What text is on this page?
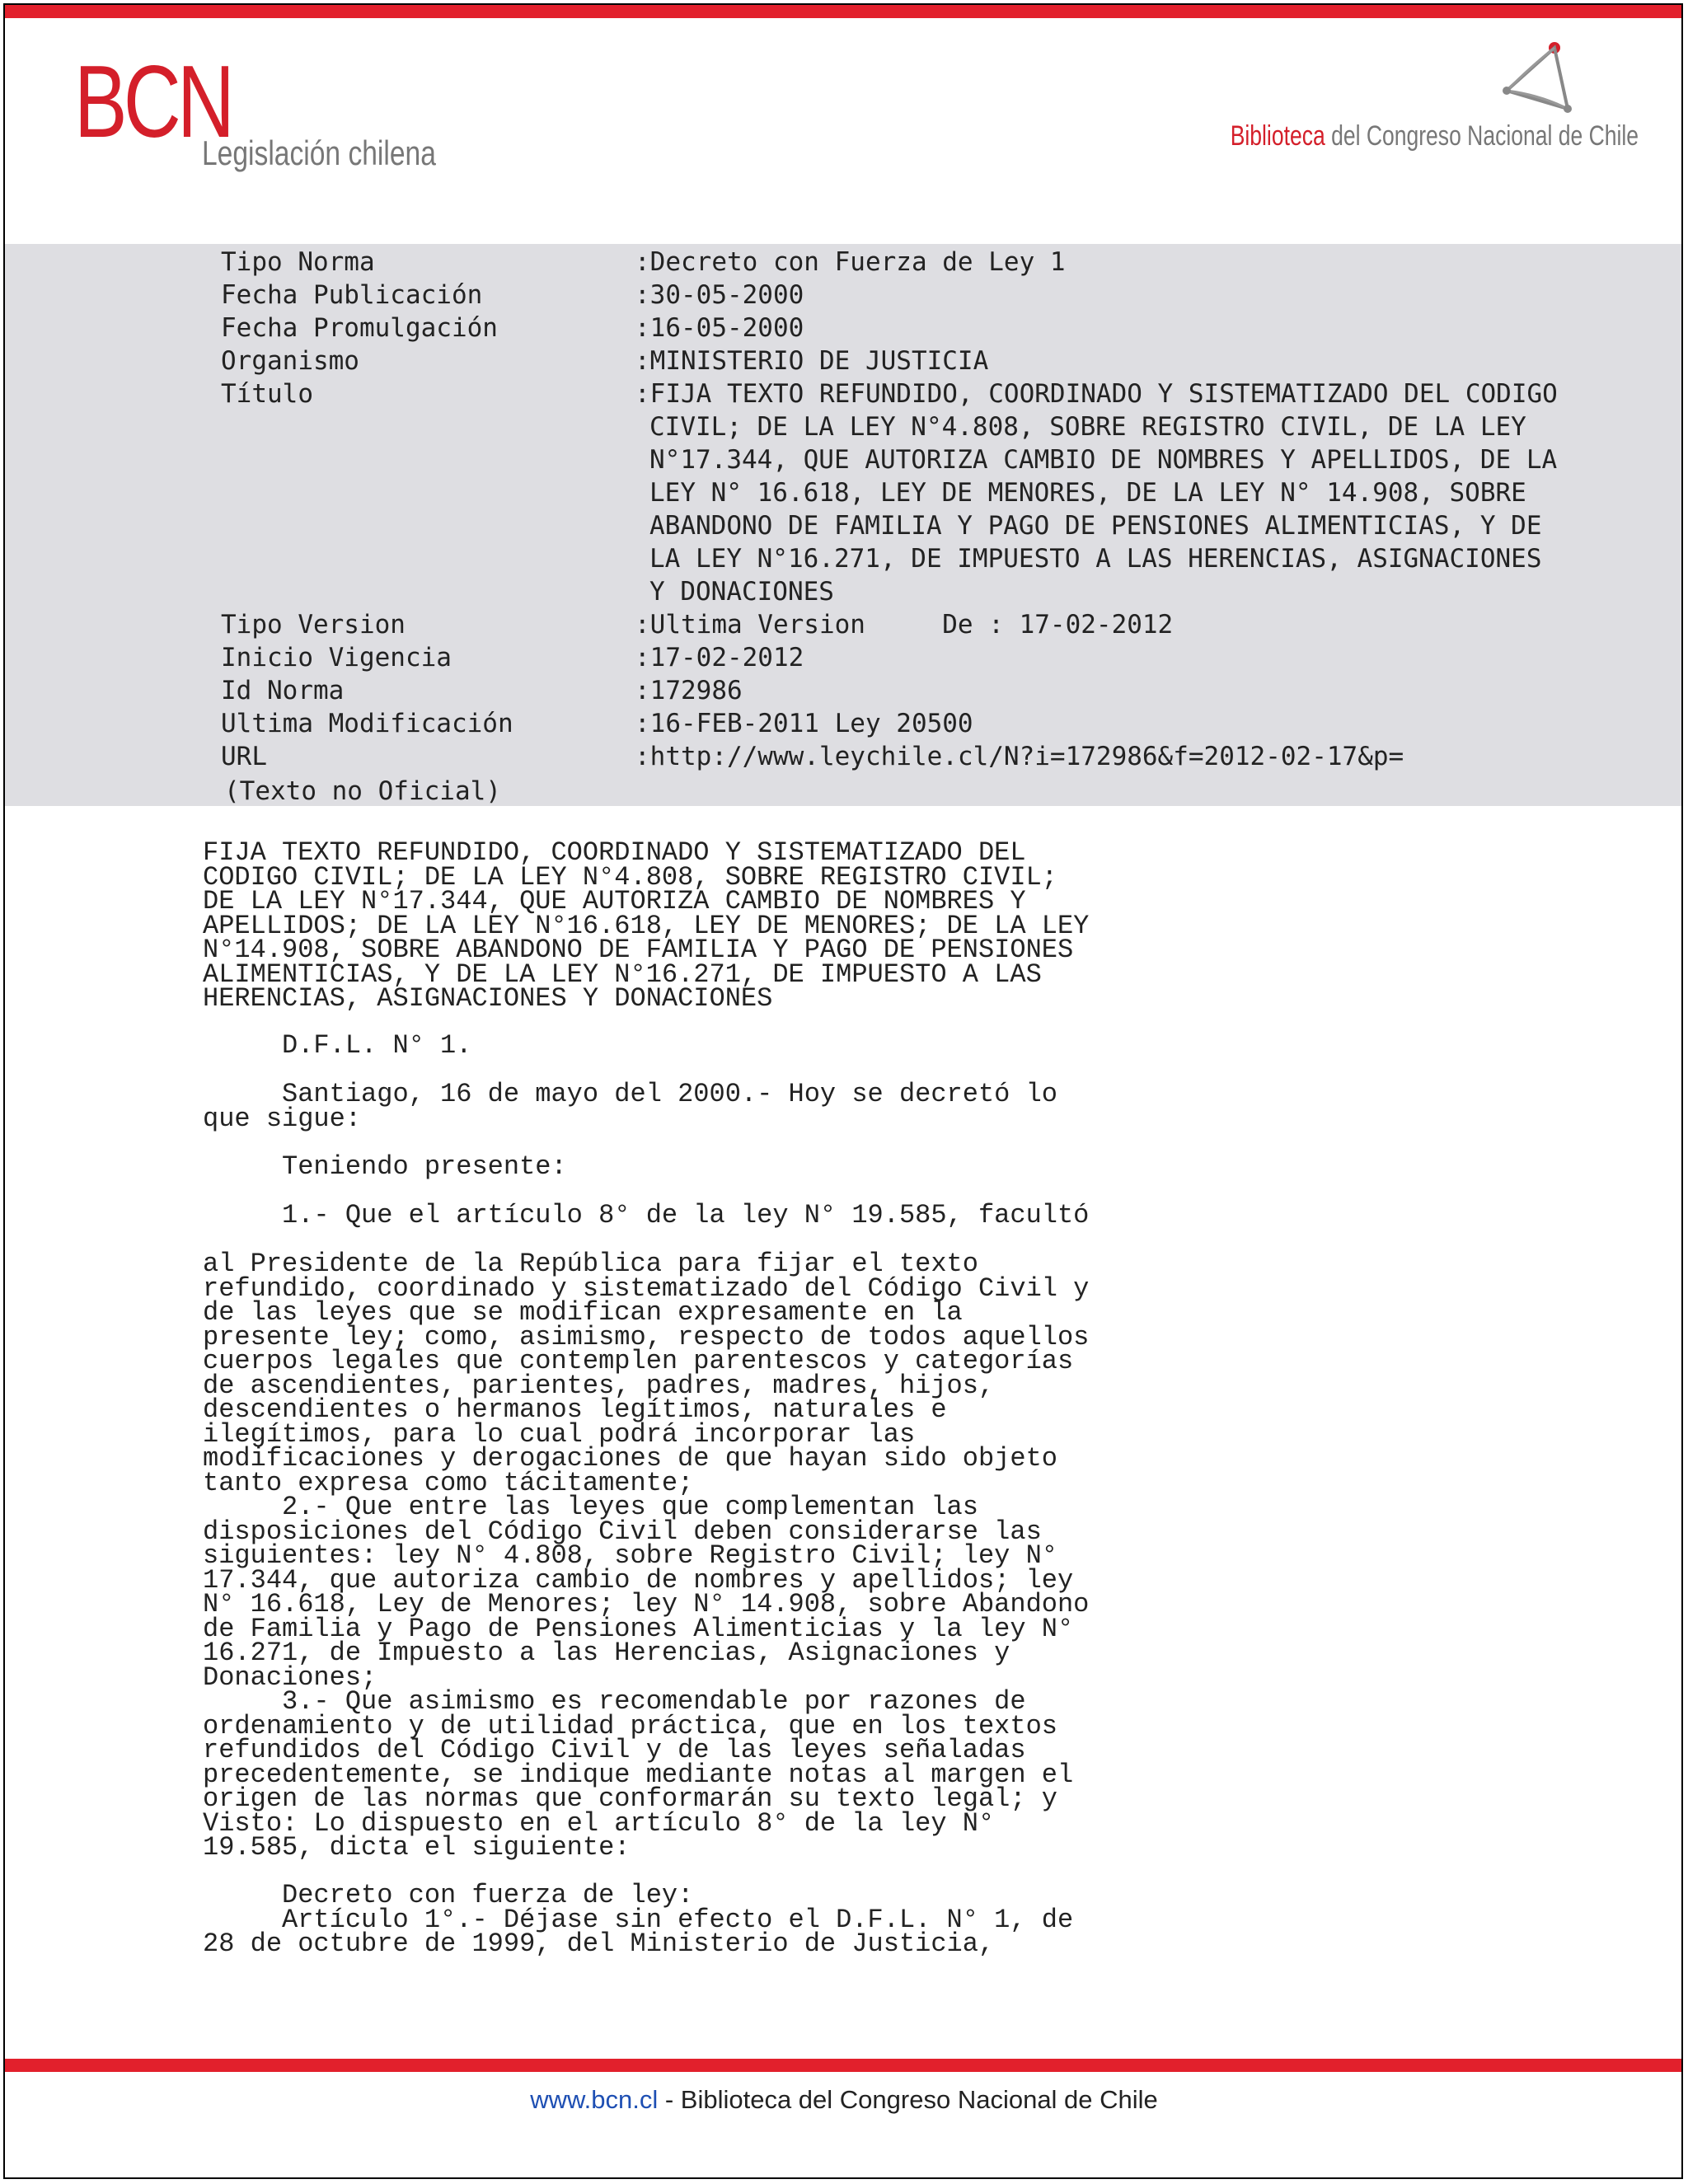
BCN
Legislación chilena	Biblioteca del Congreso Nacional de Chile

Tipo Norma

	:Decreto con Fuerza de Ley 1

Fecha Publicación

	:30-05-2000

Fecha Promulgación

	:16-05-2000

Organismo

	:MINISTERIO DE JUSTICIA

Título

	:FIJA TEXTO REFUNDIDO, COORDINADO Y SISTEMATIZADO DEL CODIGO

CIVIL; DE LA LEY N°4.808, SOBRE REGISTRO CIVIL, DE LA LEY
N°17.344, QUE AUTORIZA CAMBIO DE NOMBRES Y APELLIDOS, DE LA
LEY N° 16.618, LEY DE MENORES, DE LA LEY N° 14.908, SOBRE
ABANDONO DE FAMILIA Y PAGO DE PENSIONES ALIMENTICIAS, Y DE
LA LEY N°16.271, DE IMPUESTO A LAS HERENCIAS, ASIGNACIONES
Y DONACIONES

Tipo Version

	:Ultima Version     De : 17-02-2012

Inicio Vigencia

	:17-02-2012

Id Norma

	:172986

Ultima Modificación

	:16-FEB-2011 Ley 20500

URL

	:http://www.leychile.cl/N?i=172986&f=2012-02-17&p=

(Texto no Oficial)
FIJA TEXTO REFUNDIDO, COORDINADO Y SISTEMATIZADO DEL
CODIGO CIVIL; DE LA LEY N°4.808, SOBRE REGISTRO CIVIL;
DE LA LEY N°17.344, QUE AUTORIZA CAMBIO DE NOMBRES Y
APELLIDOS; DE LA LEY N°16.618, LEY DE MENORES; DE LA LEY
N°14.908, SOBRE ABANDONO DE FAMILIA Y PAGO DE PENSIONES
ALIMENTICIAS, Y DE LA LEY N°16.271, DE IMPUESTO A LAS
HERENCIAS, ASIGNACIONES Y DONACIONES
D.F.L. N° 1.
Santiago, 16 de mayo del 2000.- Hoy se decretó lo
que sigue:
Teniendo presente:
1.- Que el artículo 8° de la ley N° 19.585, facultó
al Presidente de la República para fijar el texto
refundido, coordinado y sistematizado del Código Civil y
de las leyes que se modifican expresamente en la
presente ley; como, asimismo, respecto de todos aquellos
cuerpos legales que contemplen parentescos y categorías
de ascendientes, parientes, padres, madres, hijos,
descendientes o hermanos legítimos, naturales e
ilegítimos, para lo cual podrá incorporar las
modificaciones y derogaciones de que hayan sido objeto
tanto expresa como tácitamente;
2.- Que entre las leyes que complementan las
disposiciones del Código Civil deben considerarse las
siguientes: ley N° 4.808, sobre Registro Civil; ley N°
17.344, que autoriza cambio de nombres y apellidos; ley
N° 16.618, Ley de Menores; ley N° 14.908, sobre Abandono
de Familia y Pago de Pensiones Alimenticias y la ley N°
16.271, de Impuesto a las Herencias, Asignaciones y
Donaciones;
3.- Que asimismo es recomendable por razones de
ordenamiento y de utilidad práctica, que en los textos
refundidos del Código Civil y de las leyes señaladas
precedentemente, se indique mediante notas al margen el
origen de las normas que conformarán su texto legal; y
Visto: Lo dispuesto en el artículo 8° de la ley N°
19.585, dicta el siguiente:
Decreto con fuerza de ley:
Artículo 1°.- Déjase sin efecto el D.F.L. N° 1, de
28 de octubre de 1999, del Ministerio de Justicia,
www.bcn.cl - Biblioteca del Congreso Nacional de Chile
